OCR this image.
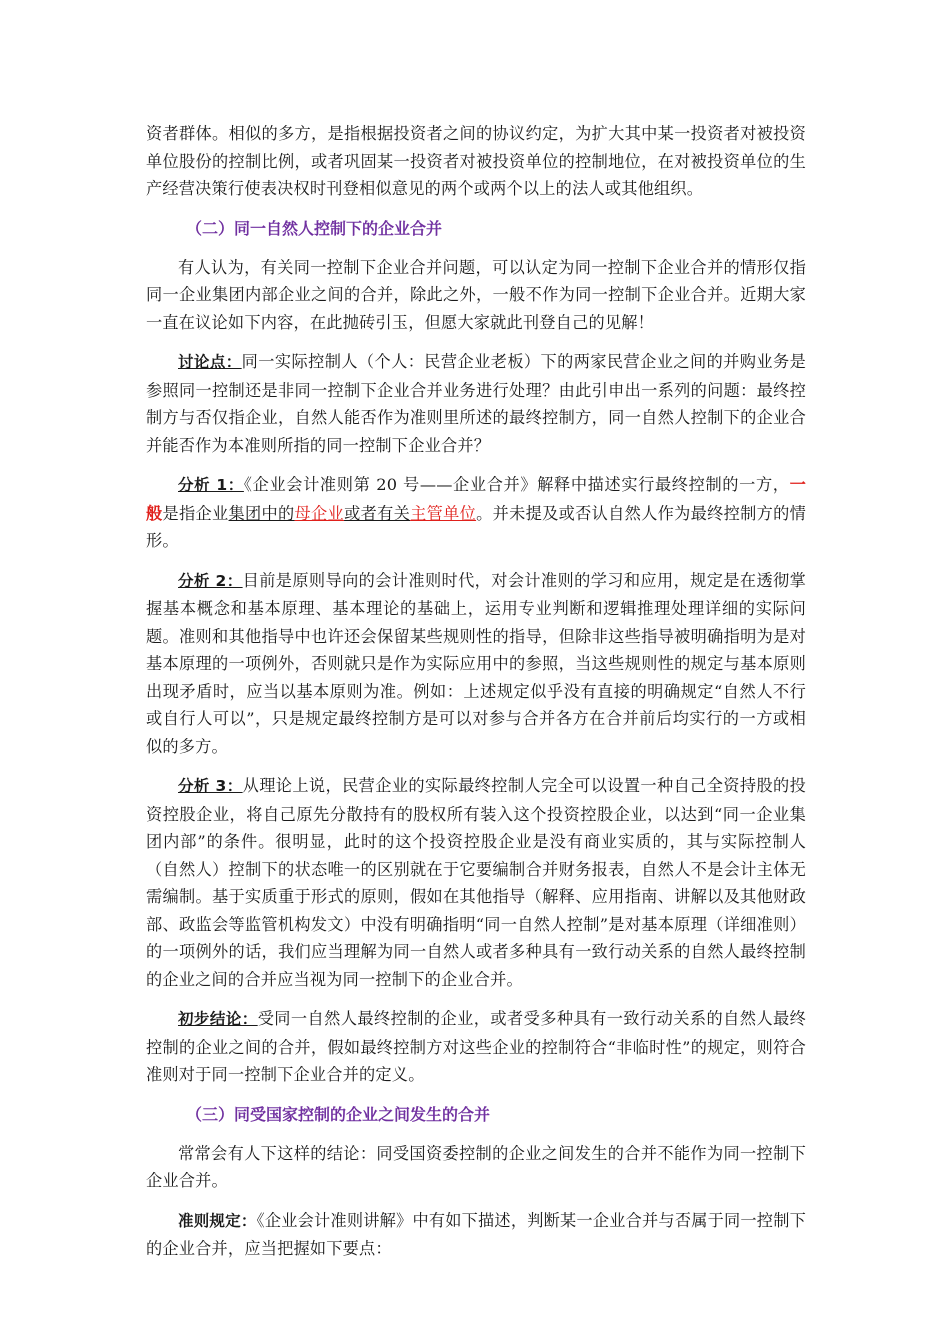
资者群体。相似的多方，是指根据投资者之间的协议约定，为扩大其中某一投资者对被投资单位股份的控制比例，或者巩固某一投资者对被投资单位的控制地位，在对被投资单位的生产经营决策行使表决权时刊登相似意见的两个或两个以上的法人或其他组织。

（二）同一自然人控制下的企业合并

有人认为，有关同一控制下企业合并问题，可以认定为同一控制下企业合并的情形仅指同一企业集团内部企业之间的合并，除此之外，一般不作为同一控制下企业合并。近期大家一直在议论如下内容，在此抛砖引玉，但愿大家就此刊登自己的见解！

讨论点：同一实际控制人（个人：民营企业老板）下的两家民营企业之间的并购业务是参照同一控制还是非同一控制下企业合并业务进行处理？由此引申出一系列的问题：最终控制方与否仅指企业，自然人能否作为准则里所述的最终控制方，同一自然人控制下的企业合并能否作为本准则所指的同一控制下企业合并？

分析 1：《企业会计准则第 20 号——企业合并》解释中描述实行最终控制的一方，一般是指企业集团中的母企业或者有关主管单位。并未提及或否认自然人作为最终控制方的情形。

分析 2：目前是原则导向的会计准则时代，对会计准则的学习和应用，规定是在透彻掌握基本概念和基本原理、基本理论的基础上，运用专业判断和逻辑推理处理详细的实际问题。准则和其他指导中也许还会保留某些规则性的指导，但除非这些指导被明确指明为是对基本原理的一项例外，否则就只是作为实际应用中的参照，当这些规则性的规定与基本原则出现矛盾时，应当以基本原则为准。例如：上述规定似乎没有直接的明确规定“自然人不行或自行人可以”，只是规定最终控制方是可以对参与合并各方在合并前后均实行的一方或相似的多方。

分析 3：从理论上说，民营企业的实际最终控制人完全可以设置一种自己全资持股的投资控股企业，将自己原先分散持有的股权所有装入这个投资控股企业，以达到“同一企业集团内部”的条件。很明显，此时的这个投资控股企业是没有商业实质的，其与实际控制人（自然人）控制下的状态唯一的区别就在于它要编制合并财务报表，自然人不是会计主体无需编制。基于实质重于形式的原则，假如在其他指导（解释、应用指南、讲解以及其他财政部、政监会等监管机构发文）中没有明确指明“同一自然人控制”是对基本原理（详细准则）的一项例外的话，我们应当理解为同一自然人或者多种具有一致行动关系的自然人最终控制的企业之间的合并应当视为同一控制下的企业合并。

初步结论：受同一自然人最终控制的企业，或者受多种具有一致行动关系的自然人最终控制的企业之间的合并，假如最终控制方对这些企业的控制符合“非临时性”的规定，则符合准则对于同一控制下企业合并的定义。

（三）同受国家控制的企业之间发生的合并

常常会有人下这样的结论：同受国资委控制的企业之间发生的合并不能作为同一控制下企业合并。

准则规定：《企业会计准则讲解》中有如下描述，判断某一企业合并与否属于同一控制下的企业合并，应当把握如下要点：
